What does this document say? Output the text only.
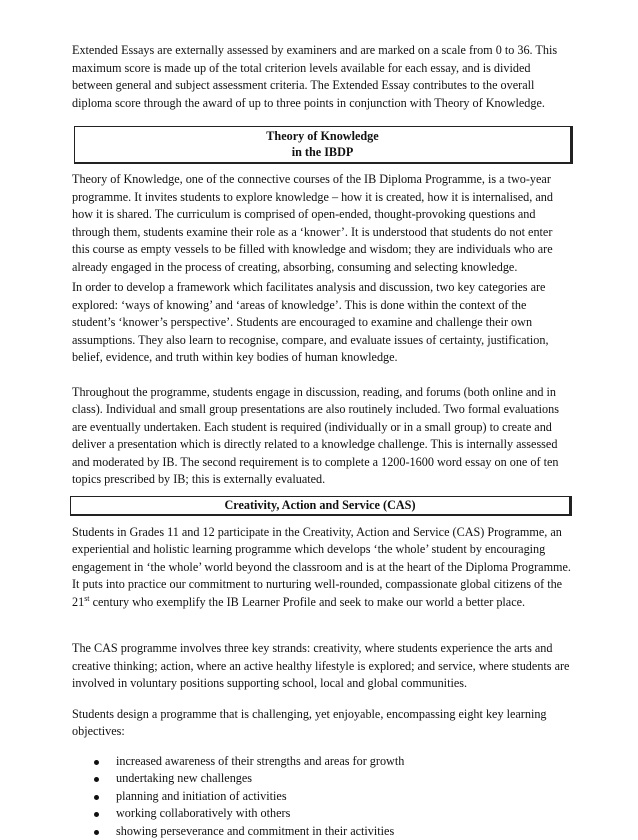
Extended Essays are externally assessed by examiners and are marked on a scale from 0 to 36. This maximum score is made up of the total criterion levels available for each essay, and is divided between general and subject assessment criteria. The Extended Essay contributes to the overall diploma score through the award of up to three points in conjunction with Theory of Knowledge.

Theory of Knowledge
in the IBDP

Theory of Knowledge, one of the connective courses of the IB Diploma Programme, is a two-year programme. It invites students to explore knowledge – how it is created, how it is internalised, and how it is shared. The curriculum is comprised of open-ended, thought-provoking questions and through them, students examine their role as a ‘knower’. It is understood that students do not enter this course as empty vessels to be filled with knowledge and wisdom; they are individuals who are already engaged in the process of creating, absorbing, consuming and selecting knowledge.

In order to develop a framework which facilitates analysis and discussion, two key categories are explored: ‘ways of knowing’ and ‘areas of knowledge’. This is done within the context of the student’s ‘knower’s perspective’. Students are encouraged to examine and challenge their own assumptions. They also learn to recognise, compare, and evaluate issues of certainty, justification, belief, evidence, and truth within key bodies of human knowledge.

Throughout the programme, students engage in discussion, reading, and forums (both online and in class). Individual and small group presentations are also routinely included. Two formal evaluations are eventually undertaken. Each student is required (individually or in a small group) to create and deliver a presentation which is directly related to a knowledge challenge. This is internally assessed and moderated by IB. The second requirement is to complete a 1200-1600 word essay on one of ten topics prescribed by IB; this is externally evaluated.

Creativity, Action and Service (CAS)

Students in Grades 11 and 12 participate in the Creativity, Action and Service (CAS) Programme, an experiential and holistic learning programme which develops ‘the whole’ student by encouraging engagement in ‘the whole’ world beyond the classroom and is at the heart of the Diploma Programme. It puts into practice our commitment to nurturing well-rounded, compassionate global citizens of the 21st century who exemplify the IB Learner Profile and seek to make our world a better place.

The CAS programme involves three key strands: creativity, where students experience the arts and creative thinking; action, where an active healthy lifestyle is explored; and service, where students are involved in voluntary positions supporting school, local and global communities.

Students design a programme that is challenging, yet enjoyable, encompassing eight key learning objectives:

increased awareness of their strengths and areas for growth
undertaking new challenges
planning and initiation of activities
working collaboratively with others
showing perseverance and commitment in their activities
